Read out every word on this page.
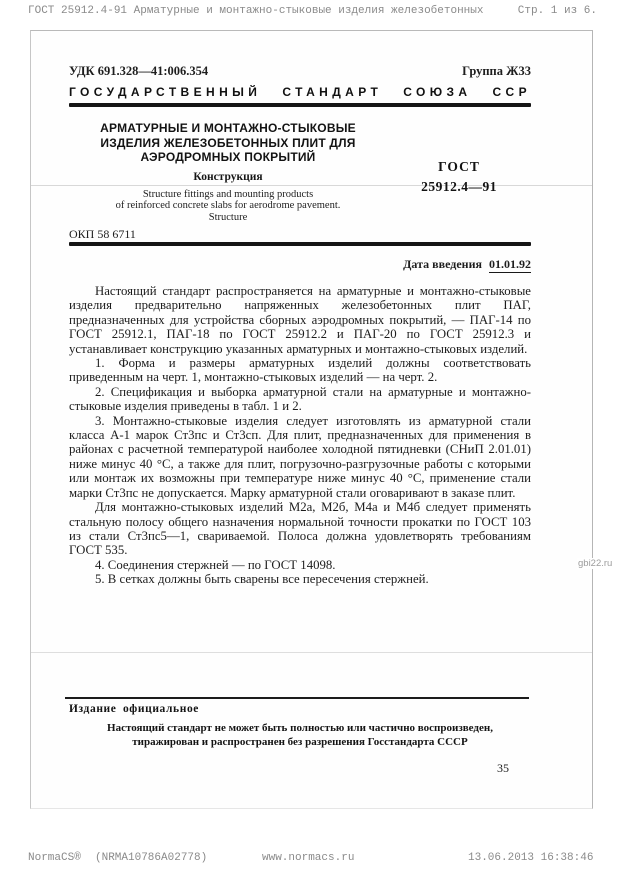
ГОСТ 25912.4-91 Арматурные и монтажно-стыковые изделия железобетонных	Стр. 1 из 6.
УДК 691.328—41:006.354	Группа Ж33
ГОСУДАРСТВЕННЫЙ СТАНДАРТ СОЮЗА ССР
АРМАТУРНЫЕ И МОНТАЖНО-СТЫКОВЫЕ
ИЗДЕЛИЯ ЖЕЛЕЗОБЕТОННЫХ ПЛИТ ДЛЯ
АЭРОДРОМНЫХ ПОКРЫТИЙ
Конструкция
Structure fittings and mounting products
of reinforced concrete slabs for aerodrome pavement.
Structure
ГОСТ
25912.4—91
ОКП 58 6711
Дата введения 01.01.92

Настоящий стандарт распространяется на арматурные и монтажно-стыковые изделия предварительно напряженных железобетонных плит ПАГ, предназначенных для устройства сборных аэродромных покрытий, — ПАГ-14 по ГОСТ 25912.1, ПАГ-18 по ГОСТ 25912.2 и ПАГ-20 по ГОСТ 25912.3 и устанавливает конструкцию указанных арматурных и монтажно-стыковых изделий.

1. Форма и размеры арматурных изделий должны соответствовать приведенным на черт. 1, монтажно-стыковых изделий — на черт. 2.

2. Спецификация и выборка арматурной стали на арматурные и монтажно-стыковые изделия приведены в табл. 1 и 2.

3. Монтажно-стыковые изделия следует изготовлять из арматурной стали класса А-1 марок Ст3пс и Ст3сп. Для плит, предназначенных для применения в районах с расчетной температурой наиболее холодной пятидневки (СНиП 2.01.01) ниже минус 40 °С, а также для плит, погрузочно-разгрузочные работы с которыми или монтаж их возможны при температуре ниже минус 40 °С, применение стали марки Ст3пс не допускается. Марку арматурной стали оговаривают в заказе плит.

Для монтажно-стыковых изделий М2а, М2б, М4а и М4б следует применять стальную полосу общего назначения нормальной точности прокатки по ГОСТ 103 из стали Ст3пс5—1, свариваемой. Полоса должна удовлетворять требованиям ГОСТ 535.

4. Соединения стержней — по ГОСТ 14098.

5. В сетках должны быть сварены все пересечения стержней.

Издание официальное
Настоящий стандарт не может быть полностью или частично воспроизведен,
тиражирован и распространен без разрешения Госстандарта СССР
35
gbi22.ru
NormaCS® (NRMA10786A02778)	www.normacs.ru	13.06.2013 16:38:46
